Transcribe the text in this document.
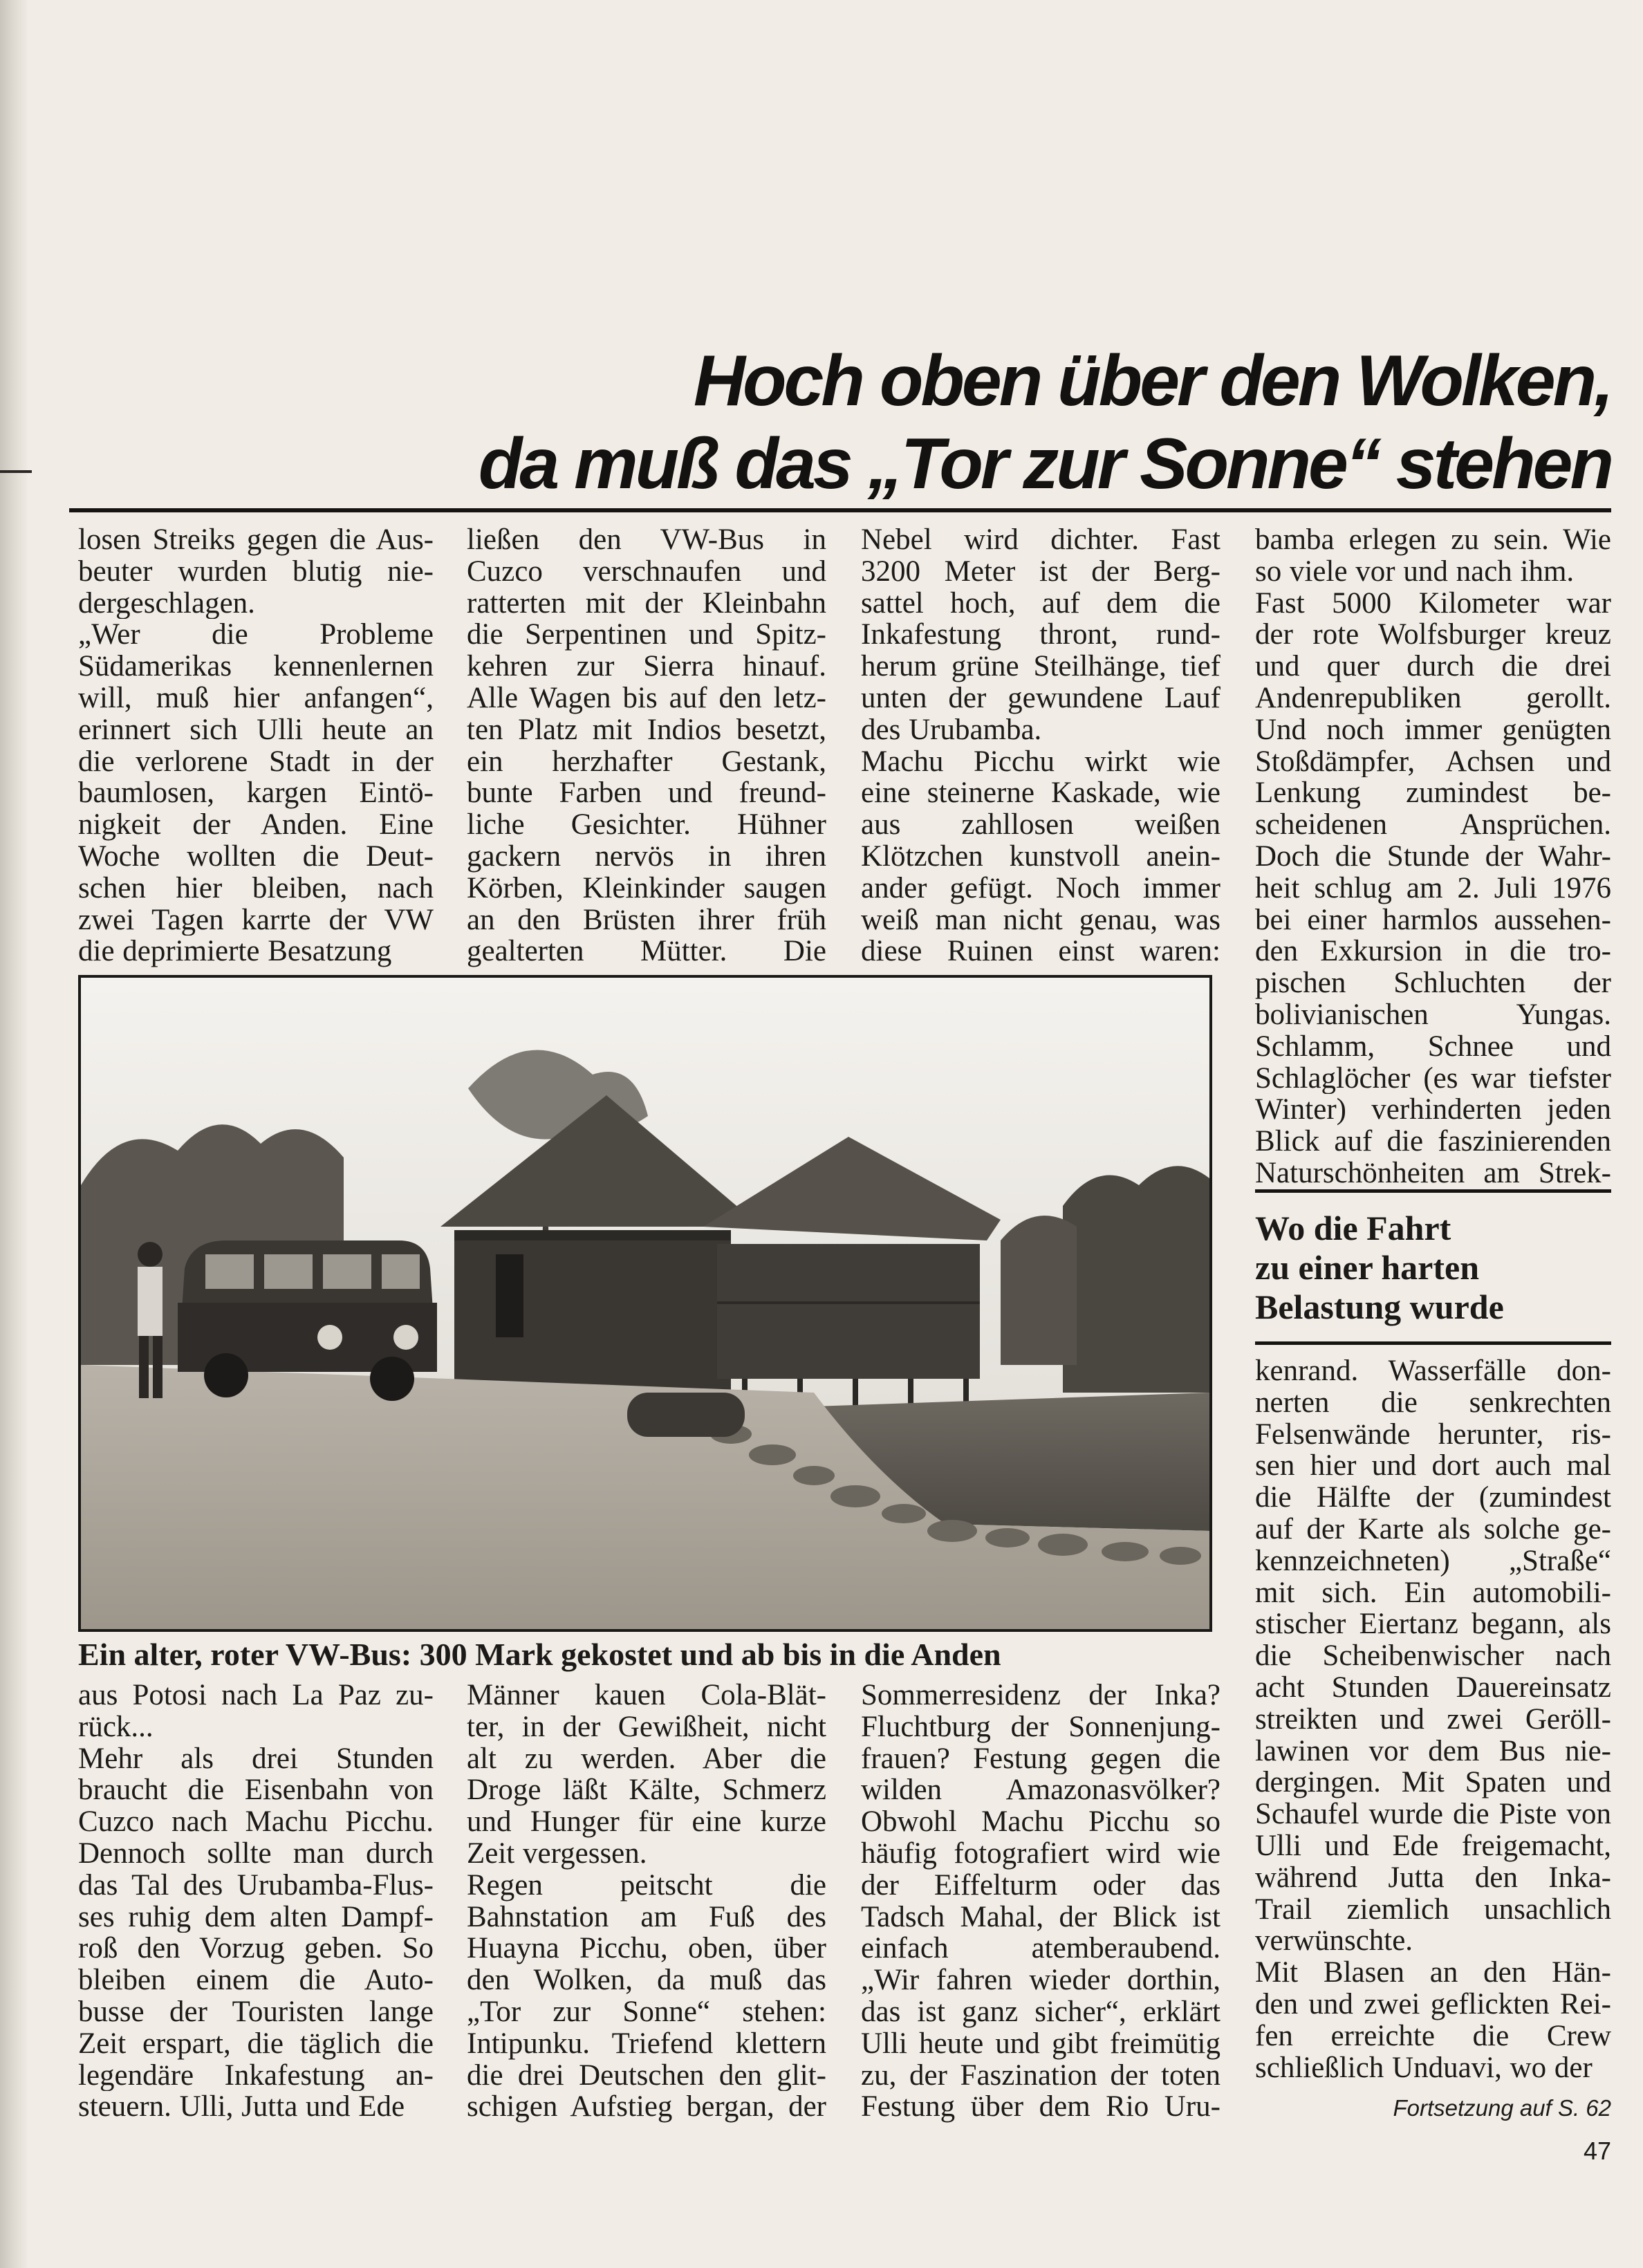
Hoch oben über den Wolken,
da muß das „Tor zur Sonne“ stehen
losen Streiks gegen die Aus-
beuter wurden blutig nie-
dergeschlagen.
„Wer die Probleme
Südamerikas kennenlernen
will, muß hier anfangen“,
erinnert sich Ulli heute an
die verlorene Stadt in der
baumlosen, kargen Eintö-
nigkeit der Anden. Eine
Woche wollten die Deut-
schen hier bleiben, nach
zwei Tagen karrte der VW
die deprimierte Besatzung
ließen den VW-Bus in
Cuzco verschnaufen und
ratterten mit der Kleinbahn
die Serpentinen und Spitz-
kehren zur Sierra hinauf.
Alle Wagen bis auf den letz-
ten Platz mit Indios besetzt,
ein herzhafter Gestank,
bunte Farben und freund-
liche Gesichter. Hühner
gackern nervös in ihren
Körben, Kleinkinder saugen
an den Brüsten ihrer früh
gealterten Mütter. Die
Nebel wird dichter. Fast
3200 Meter ist der Berg-
sattel hoch, auf dem die
Inkafestung thront, rund-
herum grüne Steilhänge, tief
unten der gewundene Lauf
des Urubamba.
Machu Picchu wirkt wie
eine steinerne Kaskade, wie
aus zahllosen weißen
Klötzchen kunstvoll anein-
ander gefügt. Noch immer
weiß man nicht genau, was
diese Ruinen einst waren:
bamba erlegen zu sein. Wie
so viele vor und nach ihm.
Fast 5000 Kilometer war
der rote Wolfsburger kreuz
und quer durch die drei
Andenrepubliken gerollt.
Und noch immer genügten
Stoßdämpfer, Achsen und
Lenkung zumindest be-
scheidenen Ansprüchen.
Doch die Stunde der Wahr-
heit schlug am 2. Juli 1976
bei einer harmlos aussehen-
den Exkursion in die tro-
pischen Schluchten der
bolivianischen Yungas.
Schlamm, Schnee und
Schlaglöcher (es war tiefster
Winter) verhinderten jeden
Blick auf die faszinierenden
Naturschönheiten am Strek-
Wo die Fahrt
zu einer harten
Belastung wurde
kenrand. Wasserfälle don-
nerten die senkrechten
Felsenwände herunter, ris-
sen hier und dort auch mal
die Hälfte der (zumindest
auf der Karte als solche ge-
kennzeichneten) „Straße“
mit sich. Ein automobili-
stischer Eiertanz begann, als
die Scheibenwischer nach
acht Stunden Dauereinsatz
streikten und zwei Geröll-
lawinen vor dem Bus nie-
dergingen. Mit Spaten und
Schaufel wurde die Piste von
Ulli und Ede freigemacht,
während Jutta den Inka-
Trail ziemlich unsachlich
verwünschte.
Mit Blasen an den Hän-
den und zwei geflickten Rei-
fen erreichte die Crew
schließlich Unduavi, wo der
Ein alter, roter VW-Bus: 300 Mark gekostet und ab bis in die Anden
aus Potosi nach La Paz zu-
rück...
Mehr als drei Stunden
braucht die Eisenbahn von
Cuzco nach Machu Picchu.
Dennoch sollte man durch
das Tal des Urubamba-Flus-
ses ruhig dem alten Dampf-
roß den Vorzug geben. So
bleiben einem die Auto-
busse der Touristen lange
Zeit erspart, die täglich die
legendäre Inkafestung an-
steuern. Ulli, Jutta und Ede
Männer kauen Cola-Blät-
ter, in der Gewißheit, nicht
alt zu werden. Aber die
Droge läßt Kälte, Schmerz
und Hunger für eine kurze
Zeit vergessen.
Regen peitscht die
Bahnstation am Fuß des
Huayna Picchu, oben, über
den Wolken, da muß das
„Tor zur Sonne“ stehen:
Intipunku. Triefend klettern
die drei Deutschen den glit-
schigen Aufstieg bergan, der
Sommerresidenz der Inka?
Fluchtburg der Sonnenjung-
frauen? Festung gegen die
wilden Amazonasvölker?
Obwohl Machu Picchu so
häufig fotografiert wird wie
der Eiffelturm oder das
Tadsch Mahal, der Blick ist
einfach atemberaubend.
„Wir fahren wieder dorthin,
das ist ganz sicher“, erklärt
Ulli heute und gibt freimütig
zu, der Faszination der toten
Festung über dem Rio Uru-	Fortsetzung auf S. 62
47
